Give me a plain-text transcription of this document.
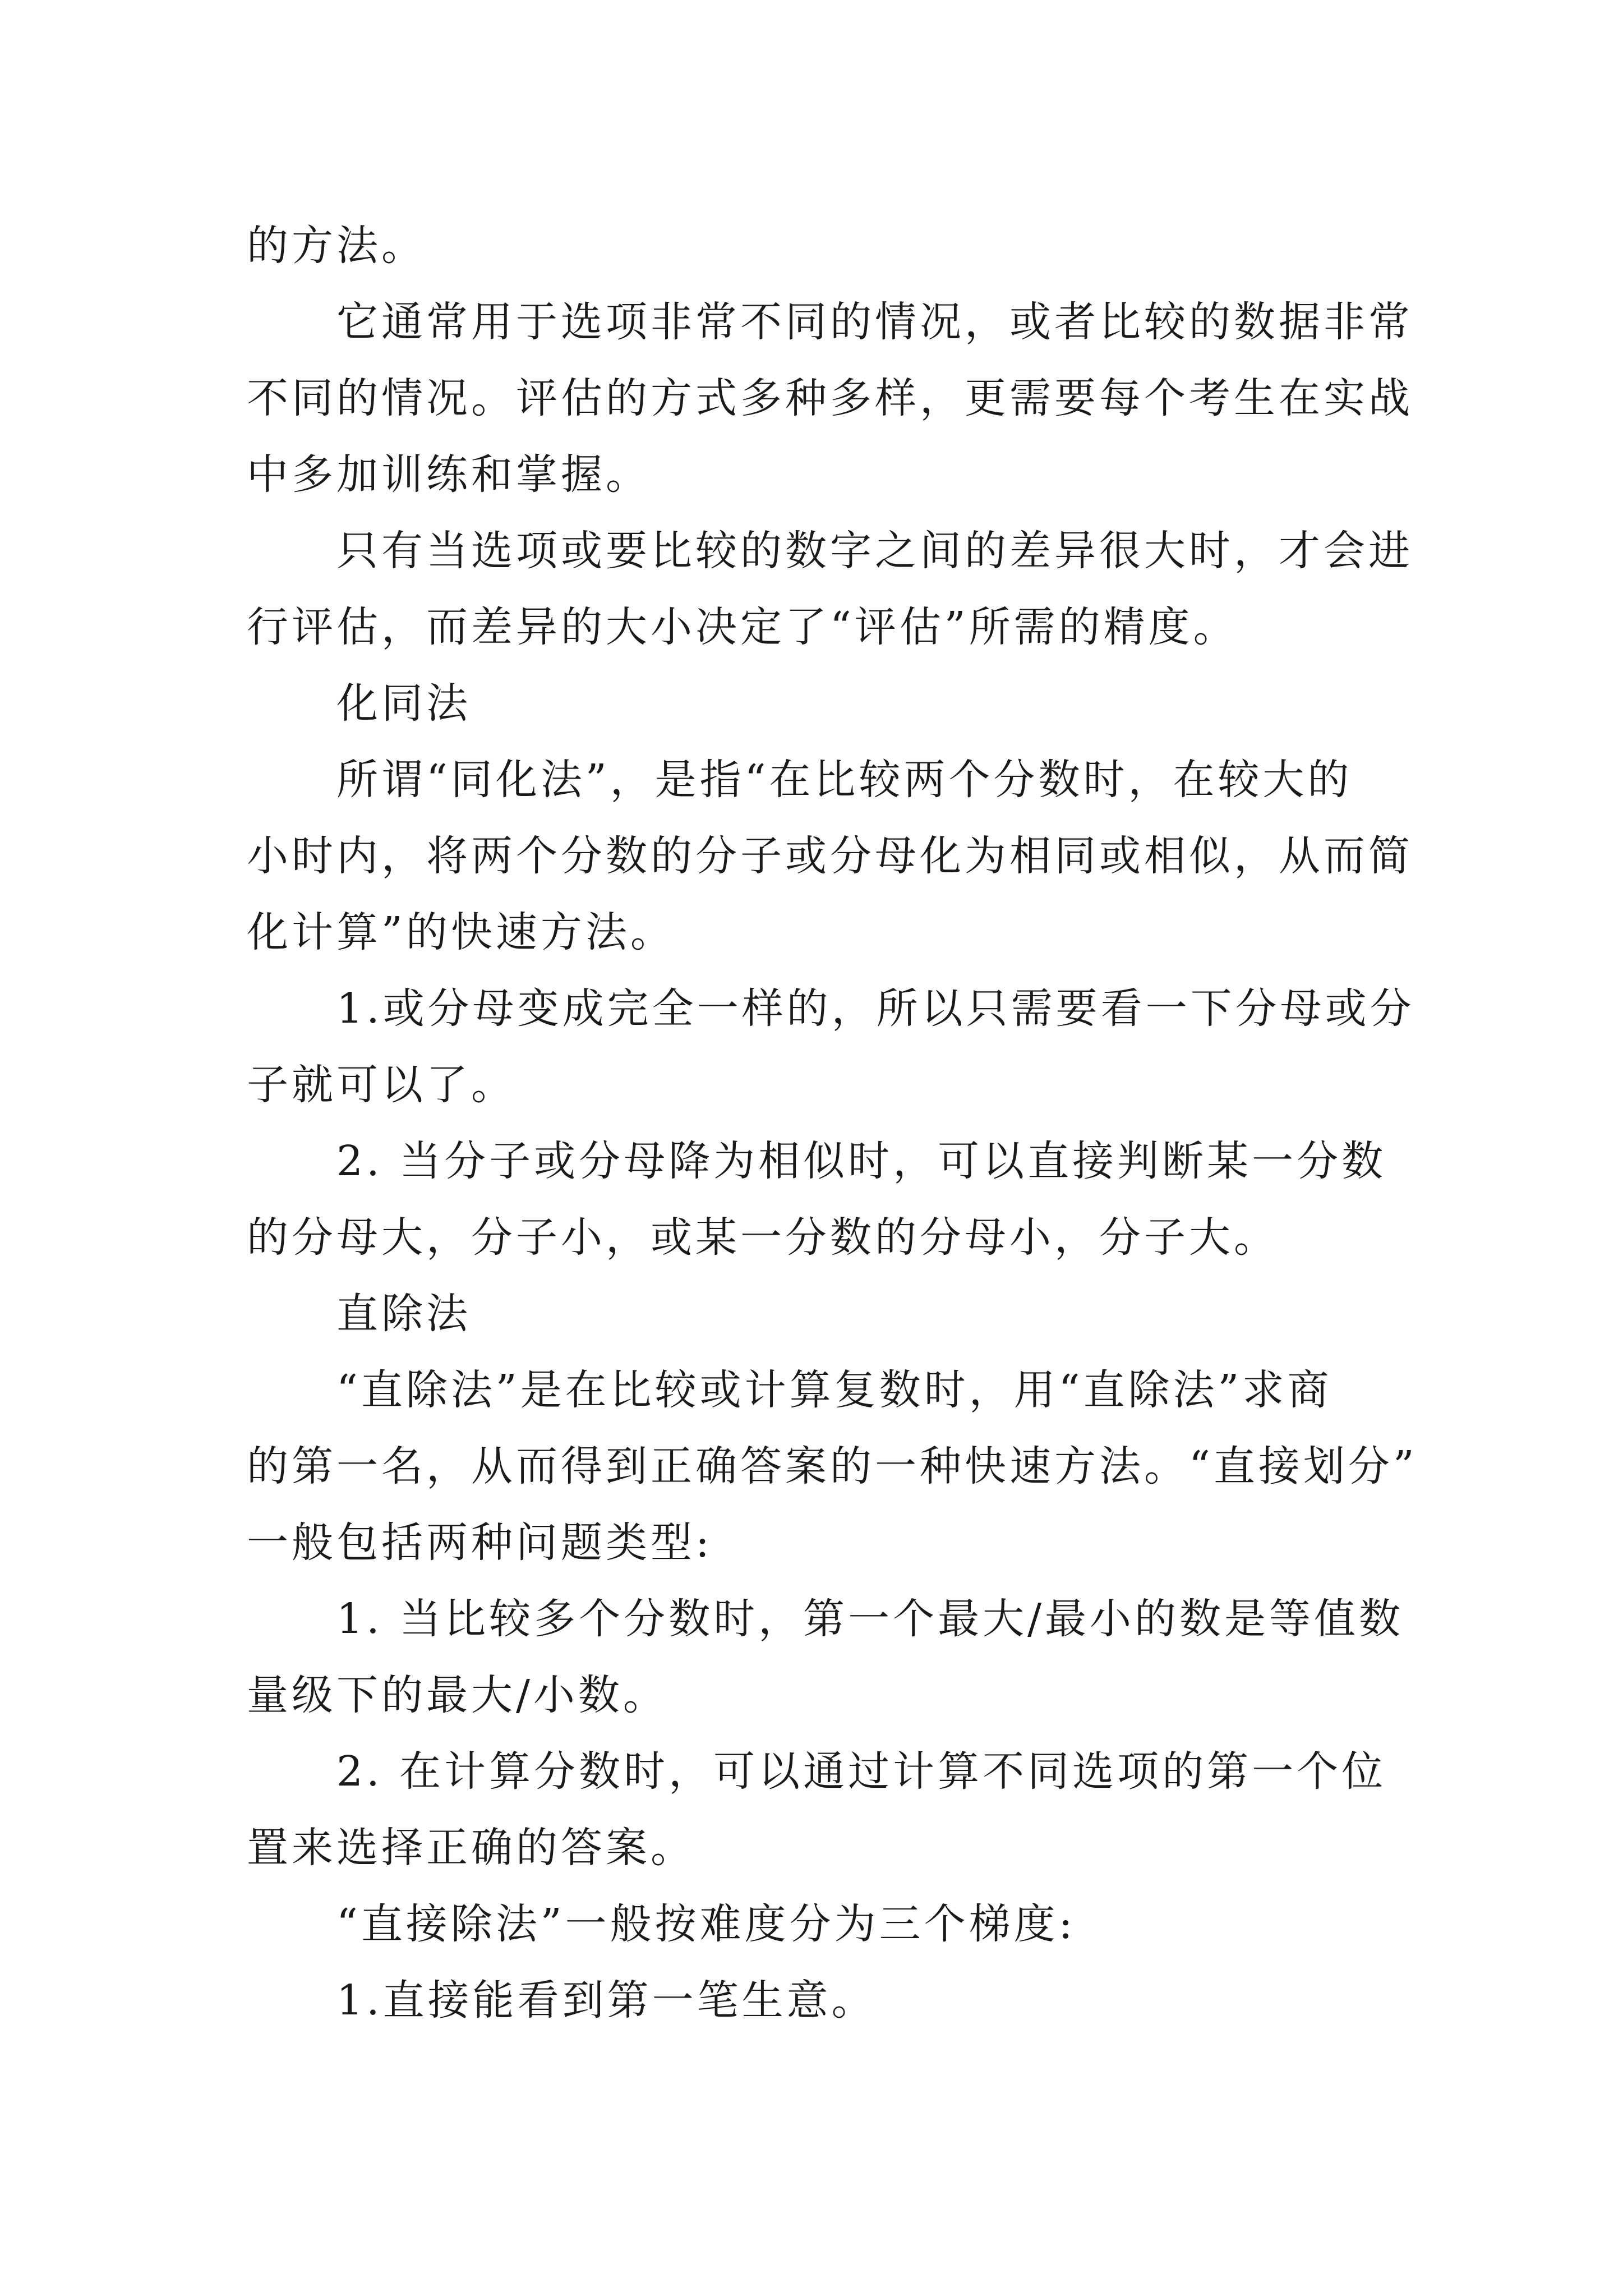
的方法。
它通常用于选项非常不同的情况，或者比较的数据非常
不同的情况。评估的方式多种多样，更需要每个考生在实战
中多加训练和掌握。
只有当选项或要比较的数字之间的差异很大时，才会进
行评估，而差异的大小决定了“评估”所需的精度。
化同法
所谓“同化法”，是指“在比较两个分数时，在较大的
小时内，将两个分数的分子或分母化为相同或相似，从而简
化计算”的快速方法。
1.或分母变成完全一样的，所以只需要看一下分母或分
子就可以了。
2. 当分子或分母降为相似时，可以直接判断某一分数
的分母大，分子小，或某一分数的分母小，分子大。
直除法
“直除法”是在比较或计算复数时，用“直除法”求商
的第一名，从而得到正确答案的一种快速方法。“直接划分”
一般包括两种问题类型:
1. 当比较多个分数时，第一个最大/最小的数是等值数
量级下的最大/小数。
2. 在计算分数时，可以通过计算不同选项的第一个位
置来选择正确的答案。
“直接除法”一般按难度分为三个梯度:
1.直接能看到第一笔生意。
